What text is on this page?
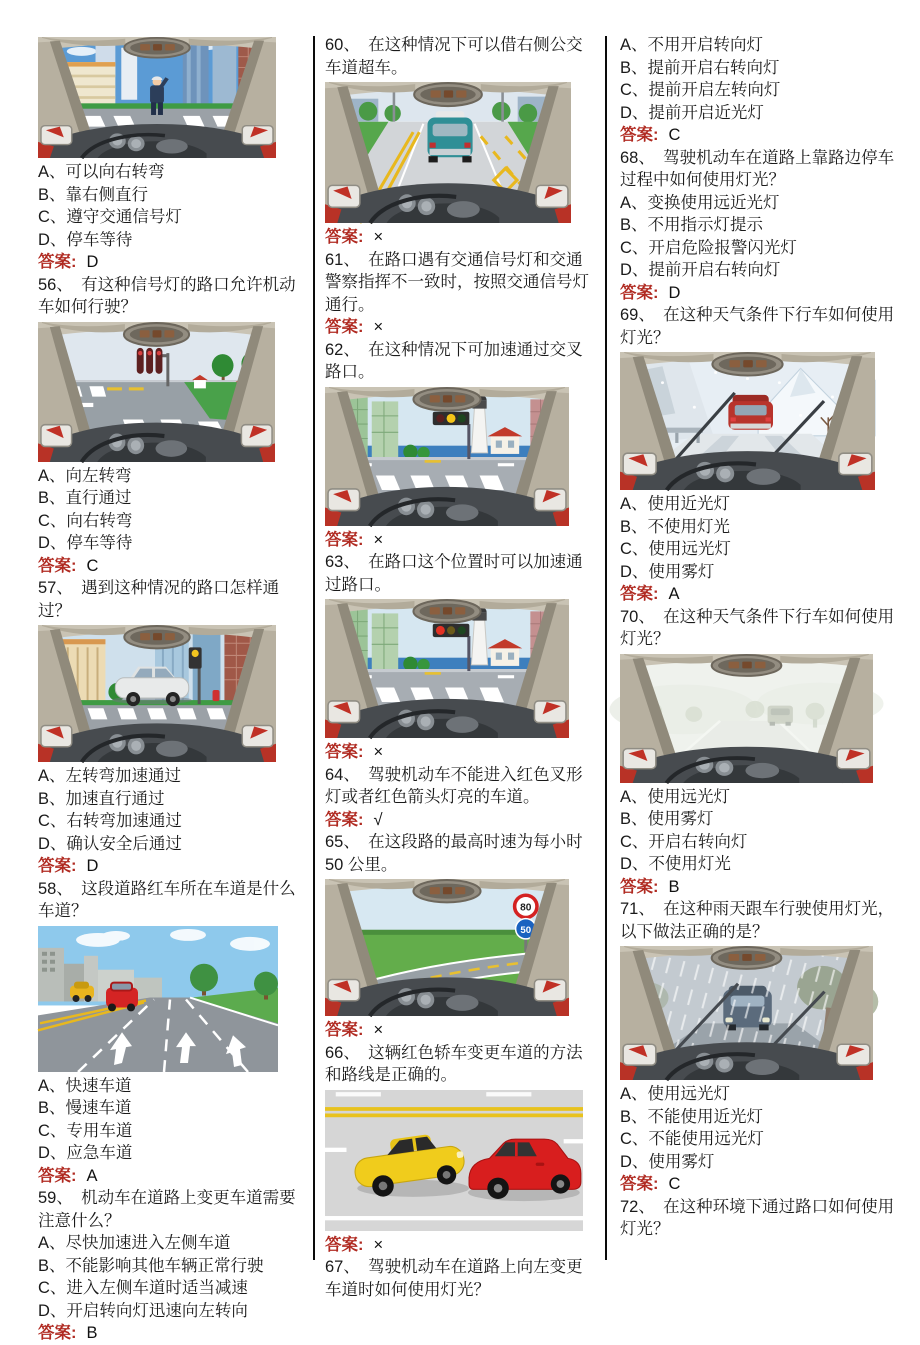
A、可以向右转弯
B、靠右侧直行
C、遵守交通信号灯
D、停车等待
答案: D
56、　有这种信号灯的路口允许机动车如何行驶？
A、向左转弯
B、直行通过
C、向右转弯
D、停车等待
答案: C
57、　遇到这种情况的路口怎样通过？
A、左转弯加速通过
B、加速直行通过
C、右转弯加速通过
D、确认安全后通过
答案: D
58、　这段道路红车所在车道是什么车道？
A、快速车道
B、慢速车道
C、专用车道
D、应急车道
答案: A
59、　机动车在道路上变更车道需要注意什么？
A、尽快加速进入左侧车道
B、不能影响其他车辆正常行驶
C、进入左侧车道时适当减速
D、开启转向灯迅速向左转向
答案: B
60、　在这种情况下可以借右侧公交车道超车。
答案: ×
61、　在路口遇有交通信号灯和交通警察指挥不一致时，按照交通信号灯通行。
答案: ×
62、　在这种情况下可加速通过交叉路口。
答案: ×
63、　在路口这个位置时可以加速通过路口。
答案: ×
64、　驾驶机动车不能进入红色叉形灯或者红色箭头灯亮的车道。
答案: √
65、　在这段路的最高时速为每小时50 公里。
80
50
答案: ×
66、　这辆红色轿车变更车道的方法和路线是正确的。
答案: ×
67、　驾驶机动车在道路上向左变更车道时如何使用灯光？
A、不用开启转向灯
B、提前开启右转向灯
C、提前开启左转向灯
D、提前开启近光灯
答案: C
68、　驾驶机动车在道路上靠路边停车过程中如何使用灯光？
A、变换使用远近光灯
B、不用指示灯提示
C、开启危险报警闪光灯
D、提前开启右转向灯
答案: D
69、　在这种天气条件下行车如何使用灯光？
A、使用近光灯
B、不使用灯光
C、使用远光灯
D、使用雾灯
答案: A
70、　在这种天气条件下行车如何使用灯光？
A、使用远光灯
B、使用雾灯
C、开启右转向灯
D、不使用灯光
答案: B
71、　在这种雨天跟车行驶使用灯光，以下做法正确的是？
A、使用远光灯
B、不能使用近光灯
C、不能使用远光灯
D、使用雾灯
答案: C
72、　在这种环境下通过路口如何使用灯光？
